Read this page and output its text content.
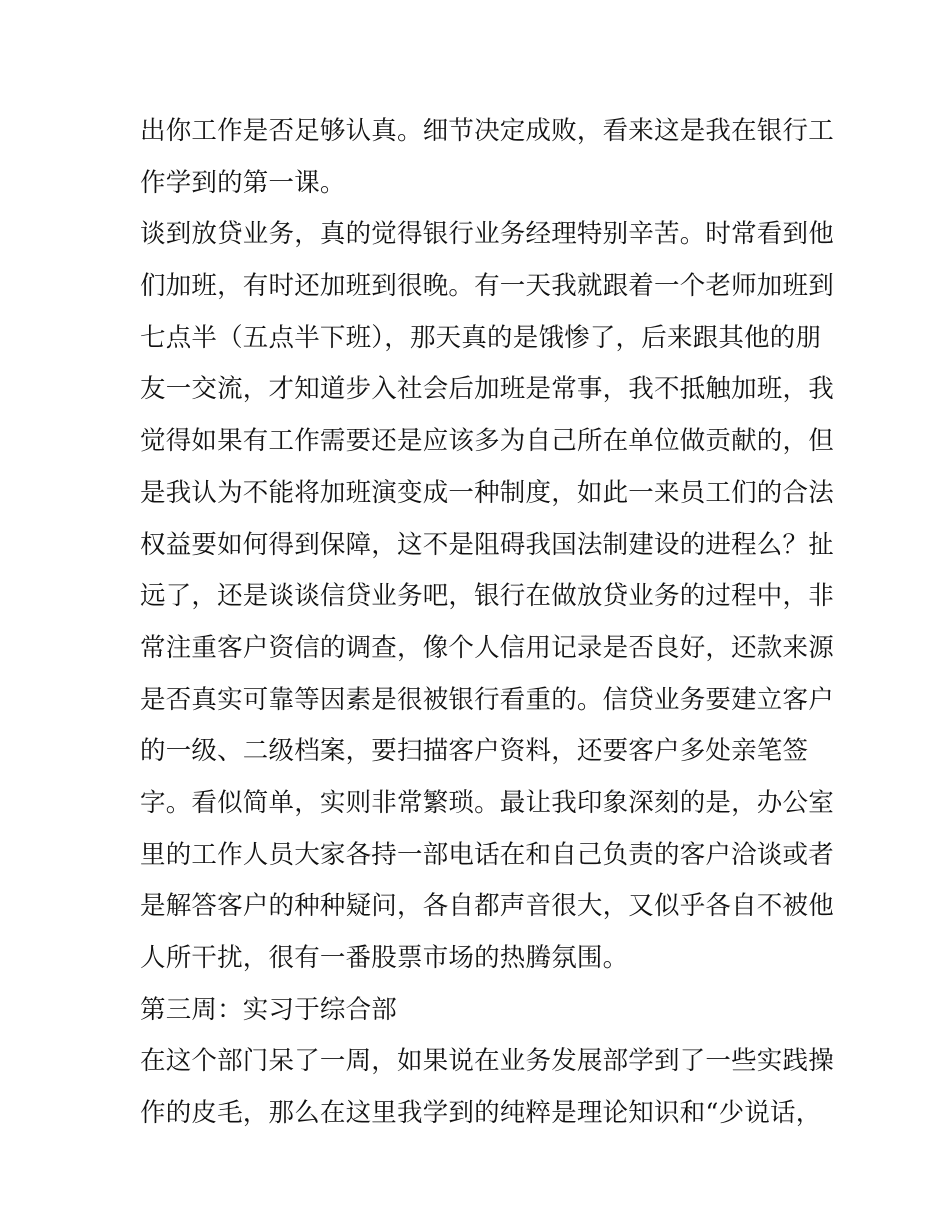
出你工作是否足够认真。细节决定成败，看来这是我在银行工
作学到的第一课。
谈到放贷业务，真的觉得银行业务经理特别辛苦。时常看到他
们加班，有时还加班到很晚。有一天我就跟着一个老师加班到
七点半（五点半下班），那天真的是饿惨了，后来跟其他的朋
友一交流，才知道步入社会后加班是常事，我不抵触加班，我
觉得如果有工作需要还是应该多为自己所在单位做贡献的，但
是我认为不能将加班演变成一种制度，如此一来员工们的合法
权益要如何得到保障，这不是阻碍我国法制建设的进程么？扯
远了，还是谈谈信贷业务吧，银行在做放贷业务的过程中，非
常注重客户资信的调查，像个人信用记录是否良好，还款来源
是否真实可靠等因素是很被银行看重的。信贷业务要建立客户
的一级、二级档案，要扫描客户资料，还要客户多处亲笔签
字。看似简单，实则非常繁琐。最让我印象深刻的是，办公室
里的工作人员大家各持一部电话在和自己负责的客户洽谈或者
是解答客户的种种疑问，各自都声音很大，又似乎各自不被他
人所干扰，很有一番股票市场的热腾氛围。
第三周：实习于综合部
在这个部门呆了一周，如果说在业务发展部学到了一些实践操
作的皮毛，那么在这里我学到的纯粹是理论知识和“少说话，
